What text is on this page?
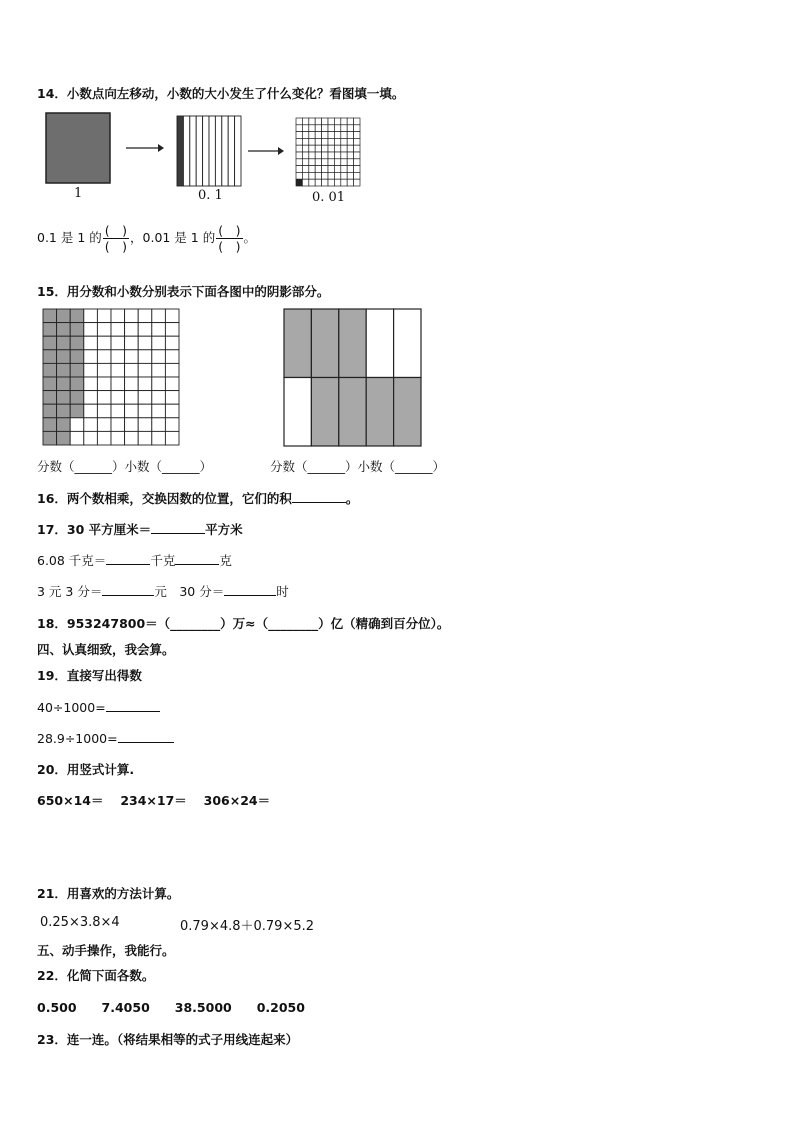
14．小数点向左移动，小数的大小发生了什么变化？看图填一填。
1	0. 1	0. 01
0.1 是 1 的 $\frac{( )}{( )}$ ，0.01 是 1 的 $\frac{( )}{( )}$ 。
15．用分数和小数分别表示下面各图中的阴影部分。
分数（______）小数（______）	分数（______）小数（______）
16．两个数相乘，交换因数的位置，它们的积	。
17．30 平方厘米＝	平方米
6.08 千克＝	千克	克
3 元 3 分＝	元　30 分＝	时
18．953247800＝（________）万≈（________）亿（精确到百分位）。
四、认真细致，我会算。
19．直接写出得数
40÷1000=
28.9÷1000=
20．用竖式计算.
650×14＝　 234×17＝　 306×24＝
21．用喜欢的方法计算。
0.25×3.8×4	0.79×4.8＋0.79×5.2
五、动手操作，我能行。
22．化简下面各数。
0.500　　7.4050　　38.5000　　0.2050
23．连一连。（将结果相等的式子用线连起来）
